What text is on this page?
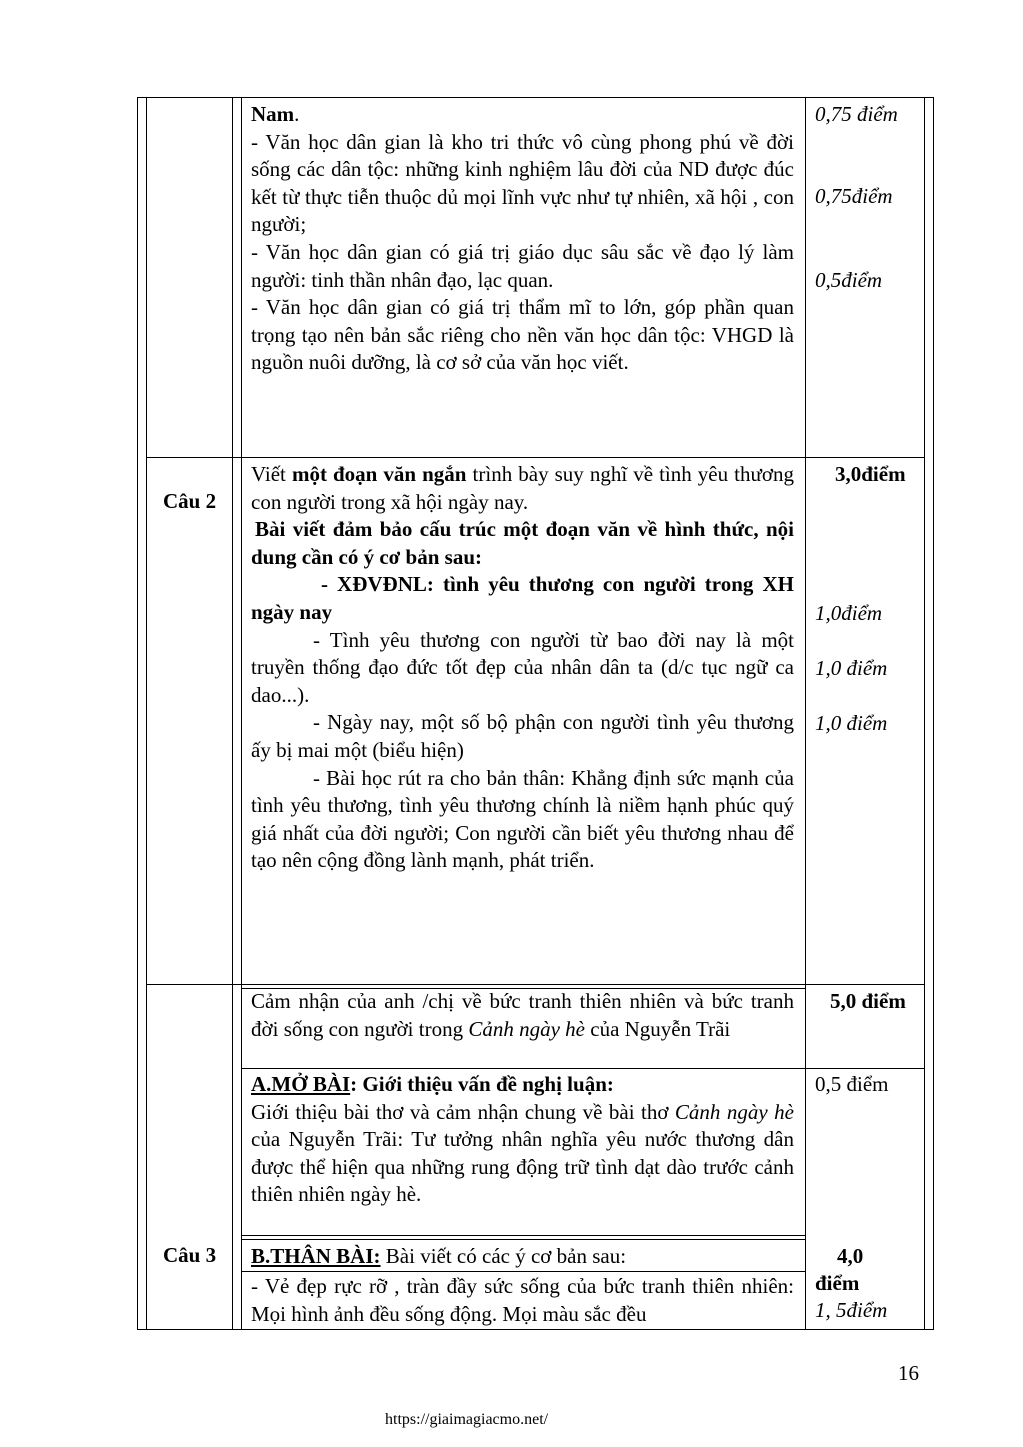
Nam.

- Văn học dân gian là kho tri thức vô cùng phong phú về đời sống các dân tộc: những kinh nghiệm lâu đời của ND được đúc kết từ thực tiễn thuộc dủ mọi lĩnh vực như tự nhiên, xã hội , con người;

- Văn học dân gian có giá trị giáo dục sâu sắc về đạo lý làm người: tinh thần nhân đạo, lạc quan.

- Văn học dân gian có giá trị thẩm mĩ to lớn, góp phần quan trọng tạo nên bản sắc riêng cho nền văn học dân tộc: VHGD là nguồn nuôi dưỡng, là cơ sở của văn học viết.

0,75 điểm
0,75điểm
0,5điểm
Câu 2

Viết một đoạn văn ngắn trình bày suy nghĩ về tình yêu thương con người trong xã hội ngày nay.

Bài viết đảm bảo cấu trúc một đoạn văn về hình thức, nội dung cần có ý cơ bản sau:

- XĐVĐNL: tình yêu thương con người trong XH ngày nay

- Tình yêu thương con người từ bao đời nay là một truyền thống đạo đức tốt đẹp của nhân dân ta (d/c tục ngữ ca dao...).

- Ngày nay, một số bộ phận con người tình yêu thương ấy bị mai một (biểu hiện)

- Bài học rút ra cho bản thân: Khẳng định sức mạnh của tình yêu thương, tình yêu thương chính là niềm hạnh phúc quý giá nhất của đời người; Con người cần biết yêu thương nhau để tạo nên cộng đồng lành mạnh, phát triển.

3,0điểm
1,0điểm
1,0 điểm
1,0 điểm
Câu 3

Cảm nhận của anh /chị về bức tranh thiên nhiên và bức tranh đời sống con người trong Cảnh ngày hè của Nguyễn Trãi

5,0 điểm

A.MỞ BÀI: Giới thiệu vấn đề nghị luận:

Giới thiệu bài thơ và cảm nhận chung về bài thơ Cảnh ngày hè của Nguyễn Trãi: Tư tưởng nhân nghĩa yêu nước thương dân được thể hiện qua những rung động trữ tình dạt dào trước cảnh thiên nhiên ngày hè.

0,5 điểm

B.THÂN BÀI: Bài viết có các ý cơ bản sau:	4,0
điểm

- Vẻ đẹp rực rỡ , tràn đầy sức sống của bức tranh thiên nhiên: Mọi hình ảnh đều sống động. Mọi màu sắc đều	1, 5điểm
16
https://giaimagiacmo.net/
